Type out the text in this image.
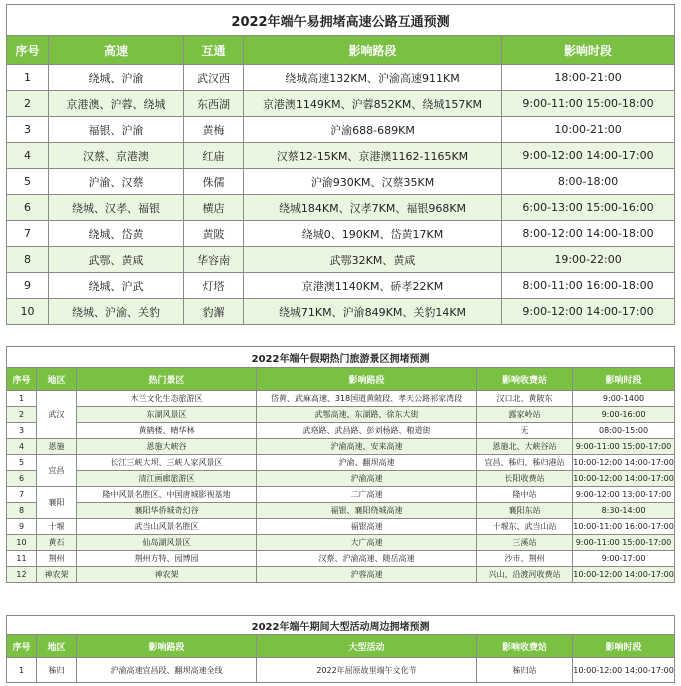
2022年端午易拥堵高速公路互通预测				
序号	高速	互通	影响路段	影响时段
1	绕城、沪渝	武汉西	绕城高速132KM、沪渝高速911KM	18:00-21:00
2	京港澳、沪蓉、绕城	东西湖	京港澳1149KM、沪蓉852KM、绕城157KM	9:00-11:00 15:00-18:00
3	福银、沪渝	黄梅	沪渝688-689KM	10:00-21:00
4	汉蔡、京港澳	红庙	汉蔡12-15KM、京港澳1162-1165KM	9:00-12:00 14:00-17:00
5	沪渝、汉蔡	侏儒	沪渝930KM、汉蔡35KM	8:00-18:00
6	绕城、汉孝、福银	横店	绕城184KM、汉孝7KM、福银968KM	6:00-13:00 15:00-16:00
7	绕城、岱黄	黄陂	绕城0、190KM、岱黄17KM	8:00-12:00 14:00-18:00
8	武鄂、黄咸	华容南	武鄂32KM、黄咸	19:00-22:00
9	绕城、沪武	灯塔	京港澳1140KM、硚孝22KM	8:00-11:00 16:00-18:00
10	绕城、沪渝、关豹	豹澥	绕城71KM、沪渝849KM、关豹14KM	9:00-12:00 14:00-17:00
2022年端午假期热门旅游景区拥堵预测					
序号	地区	热门景区	影响路段	影响收费站	影响时段
1	武汉	木兰文化生态旅游区	岱黄、武麻高速、318国道黄陂段、孝天公路祁家湾段	汉口北、黄陂东	9:00-1400
2		东湖风景区	武鄂高速、东湖路、徐东大街	露家岭站	9:00-16:00
3		黄鹤楼、晴华林	武珞路、武昌路、彭刘杨路、粮道街	无	08:00-15:00
4	恩施	恩施大峡谷	沪渝高速、安来高速	恩施北、大峡谷站	9:00-11:00 15:00-17:00
5	宜昌	长江三峡大坝、三峡人家风景区	沪渝、翻坝高速	宜昌、秭归、秭归港站	10:00-12:00 14:00-17:00
6		清江画廊旅游区	沪渝高速	长阳收费站	10:00-12:00 14:00-17:00
7	襄阳	隆中风景名胜区、中国唐城影视基地	二广高速	隆中站	9:00-12:00 13:00-17:00
8		襄阳华侨城奇幻谷	福银、襄阳绕城高速	襄阳东站	8:30-14:00
9	十堰	武当山风景名胜区	福银高速	十堰东、武当山站	10:00-11:00 16:00-17:00
10	黄石	仙岛湖风景区	大广高速	三溪站	9:00-11:00 15:00-17:00
11	荆州	荆州方特、园博园	汉蔡、沪渝高速、随岳高速	沙市、荆州	9:00-17:00
12	神农架	神农架	沪蓉高速	兴山、沿渡河收费站	10:00-12:00 14:00-17:00
2022年端午期间大型活动周边拥堵预测					
序号	地区	影响路段	大型活动	影响收费站	影响时段
1	秭归	沪渝高速宜昌段、翻坝高速全线	2022年屈原故里端午文化节	秭归站	10:00-12:00 14:00-17:00
